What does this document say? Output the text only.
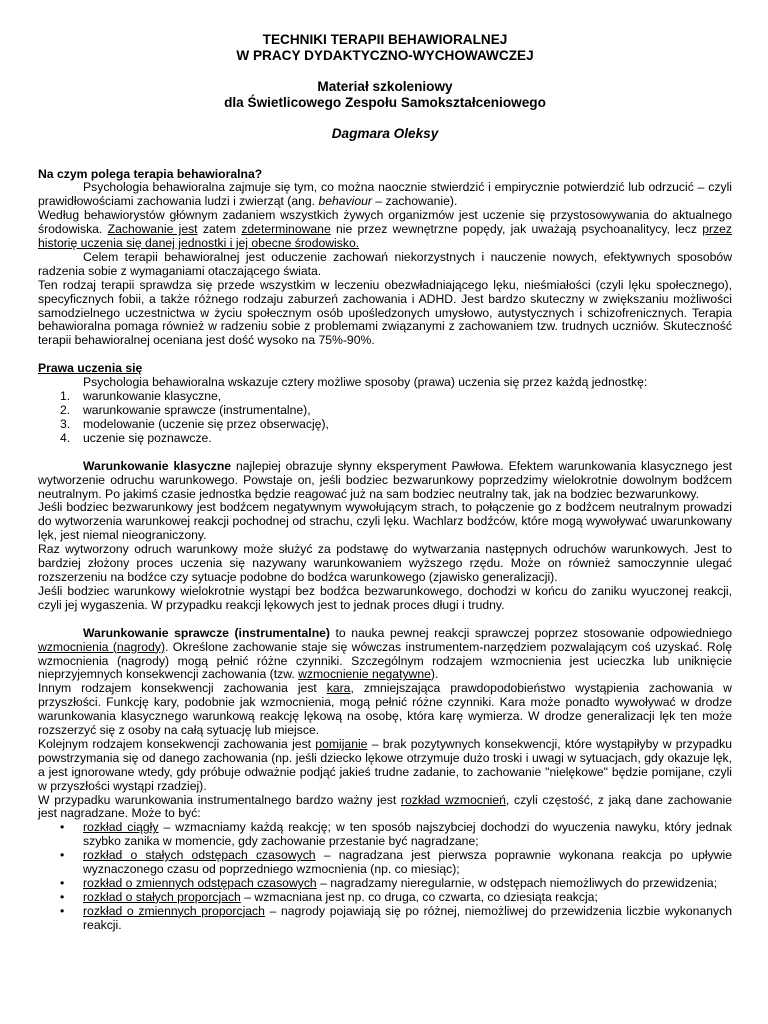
TECHNIKI TERAPII BEHAWIORALNEJ
W PRACY DYDAKTYCZNO-WYCHOWAWCZEJ
Materiał szkoleniowy
dla Świetlicowego Zespołu Samokształceniowego
Dagmara Oleksy
Na czym polega terapia behawioralna?

Psychologia behawioralna zajmuje się tym, co można naocznie stwierdzić i empirycznie potwierdzić lub odrzucić – czyli prawidłowościami zachowania ludzi i zwierząt (ang. behaviour – zachowanie).

Według behawiorystów głównym zadaniem wszystkich żywych organizmów jest uczenie się przystosowywania do aktualnego środowiska. Zachowanie jest zatem zdeterminowane nie przez wewnętrzne popędy, jak uważają psychoanalitycy, lecz przez historię uczenia się danej jednostki i jej obecne środowisko.

Celem terapii behawioralnej jest oduczenie zachowań niekorzystnych i nauczenie nowych, efektywnych sposobów radzenia sobie z wymaganiami otaczającego świata.

Ten rodzaj terapii sprawdza się przede wszystkim w leczeniu obezwładniającego lęku, nieśmiałości (czyli lęku społecznego), specyficznych fobii, a także różnego rodzaju zaburzeń zachowania i ADHD. Jest bardzo skuteczny w zwiększaniu możliwości samodzielnego uczestnictwa w życiu społecznym osób upośledzonych umysłowo, autystycznych i schizofrenicznych. Terapia behawioralna pomaga również w radzeniu sobie z problemami związanymi z zachowaniem tzw. trudnych uczniów. Skuteczność terapii behawioralnej oceniana jest dość wysoko na 75%-90%.

Prawa uczenia się

Psychologia behawioralna wskazuje cztery możliwe sposoby (prawa) uczenia się przez każdą jednostkę:

1. warunkowanie klasyczne,
2. warunkowanie sprawcze (instrumentalne),
3. modelowanie (uczenie się przez obserwację),
4. uczenie się poznawcze.

Warunkowanie klasyczne najlepiej obrazuje słynny eksperyment Pawłowa. Efektem warunkowania klasycznego jest wytworzenie odruchu warunkowego. Powstaje on, jeśli bodziec bezwarunkowy poprzedzimy wielokrotnie dowolnym bodźcem neutralnym. Po jakimś czasie jednostka będzie reagować już na sam bodziec neutralny tak, jak na bodziec bezwarunkowy.

Jeśli bodziec bezwarunkowy jest bodźcem negatywnym wywołującym strach, to połączenie go z bodźcem neutralnym prowadzi do wytworzenia warunkowej reakcji pochodnej od strachu, czyli lęku. Wachlarz bodźców, które mogą wywoływać uwarunkowany lęk, jest niemal nieograniczony.

Raz wytworzony odruch warunkowy może służyć za podstawę do wytwarzania następnych odruchów warunkowych. Jest to bardziej złożony proces uczenia się nazywany warunkowaniem wyższego rzędu. Może on również samoczynnie ulegać rozszerzeniu na bodźce czy sytuacje podobne do bodźca warunkowego (zjawisko generalizacji).

Jeśli bodziec warunkowy wielokrotnie wystąpi bez bodźca bezwarunkowego, dochodzi w końcu do zaniku wyuczonej reakcji, czyli jej wygaszenia. W przypadku reakcji lękowych jest to jednak proces długi i trudny.

Warunkowanie sprawcze (instrumentalne) to nauka pewnej reakcji sprawczej poprzez stosowanie odpowiedniego wzmocnienia (nagrody). Określone zachowanie staje się wówczas instrumentem-narzędziem pozwalającym coś uzyskać. Rolę wzmocnienia (nagrody) mogą pełnić różne czynniki. Szczególnym rodzajem wzmocnienia jest ucieczka lub uniknięcie nieprzyjemnych konsekwencji zachowania (tzw. wzmocnienie negatywne).

Innym rodzajem konsekwencji zachowania jest kara, zmniejszająca prawdopodobieństwo wystąpienia zachowania w przyszłości. Funkcję kary, podobnie jak wzmocnienia, mogą pełnić różne czynniki. Kara może ponadto wywoływać w drodze warunkowania klasycznego warunkową reakcję lękową na osobę, która karę wymierza. W drodze generalizacji lęk ten może rozszerzyć się z osoby na całą sytuację lub miejsce.

Kolejnym rodzajem konsekwencji zachowania jest pomijanie – brak pozytywnych konsekwencji, które wystąpiłyby w przypadku powstrzymania się od danego zachowania (np. jeśli dziecko lękowe otrzymuje dużo troski i uwagi w sytuacjach, gdy okazuje lęk, a jest ignorowane wtedy, gdy próbuje odważnie podjąć jakieś trudne zadanie, to zachowanie "nielękowe" będzie pomijane, czyli w przyszłości wystąpi rzadziej).

W przypadku warunkowania instrumentalnego bardzo ważny jest rozkład wzmocnień, czyli częstość, z jaką dane zachowanie jest nagradzane. Może to być:

• rozkład ciągły – wzmacniamy każdą reakcję; w ten sposób najszybciej dochodzi do wyuczenia nawyku, który jednak szybko zanika w momencie, gdy zachowanie przestanie być nagradzane;
• rozkład o stałych odstępach czasowych – nagradzana jest pierwsza poprawnie wykonana reakcja po upływie wyznaczonego czasu od poprzedniego wzmocnienia (np. co miesiąc);
• rozkład o zmiennych odstępach czasowych – nagradzamy nieregularnie, w odstępach niemożliwych do przewidzenia;
• rozkład o stałych proporcjach – wzmacniana jest np. co druga, co czwarta, co dziesiąta reakcja;
• rozkład o zmiennych proporcjach – nagrody pojawiają się po różnej, niemożliwej do przewidzenia liczbie wykonanych reakcji.
